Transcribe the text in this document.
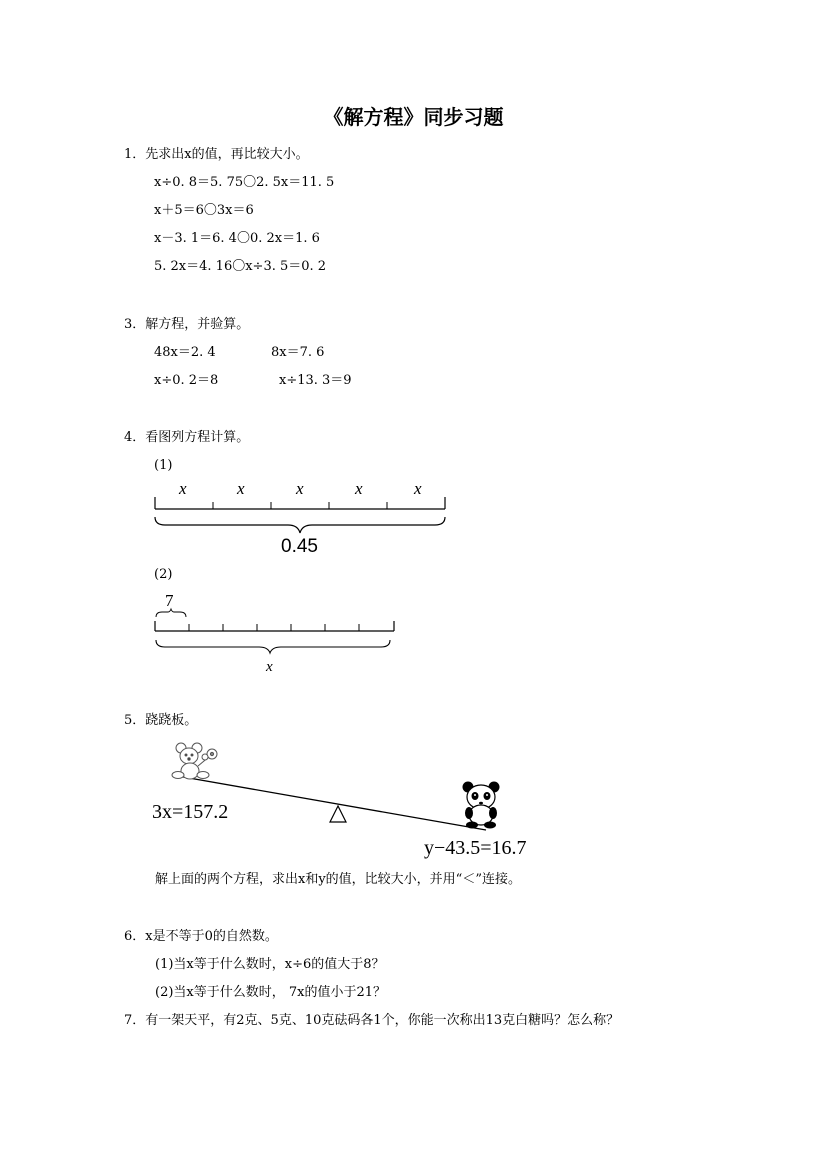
《解方程》同步习题
1．先求出x的值，再比较大小。
x÷0. 8＝5. 75〇2. 5x＝11. 5
x＋5＝6〇3x＝6
x－3. 1＝6. 4〇0. 2x＝1. 6
5. 2x＝4. 16〇x÷3. 5＝0. 2
3．解方程，并验算。
48x＝2. 4	8x＝7. 6
x÷0. 2＝8	x÷13. 3＝9
4．看图列方程计算。
(1)
x	x	x	x	x
0.45
(2)
7
x
5．跷跷板。
3x=157.2
y−43.5=16.7
解上面的两个方程，求出x和y的值，比较大小，并用“＜”连接。
6．x是不等于0的自然数。
(1)当x等于什么数时，x÷6的值大于8？
(2)当x等于什么数时， 7x的值小于21？
7．有一架天平，有2克、5克、10克砝码各1个，你能一次称出13克白糖吗？怎么称？
